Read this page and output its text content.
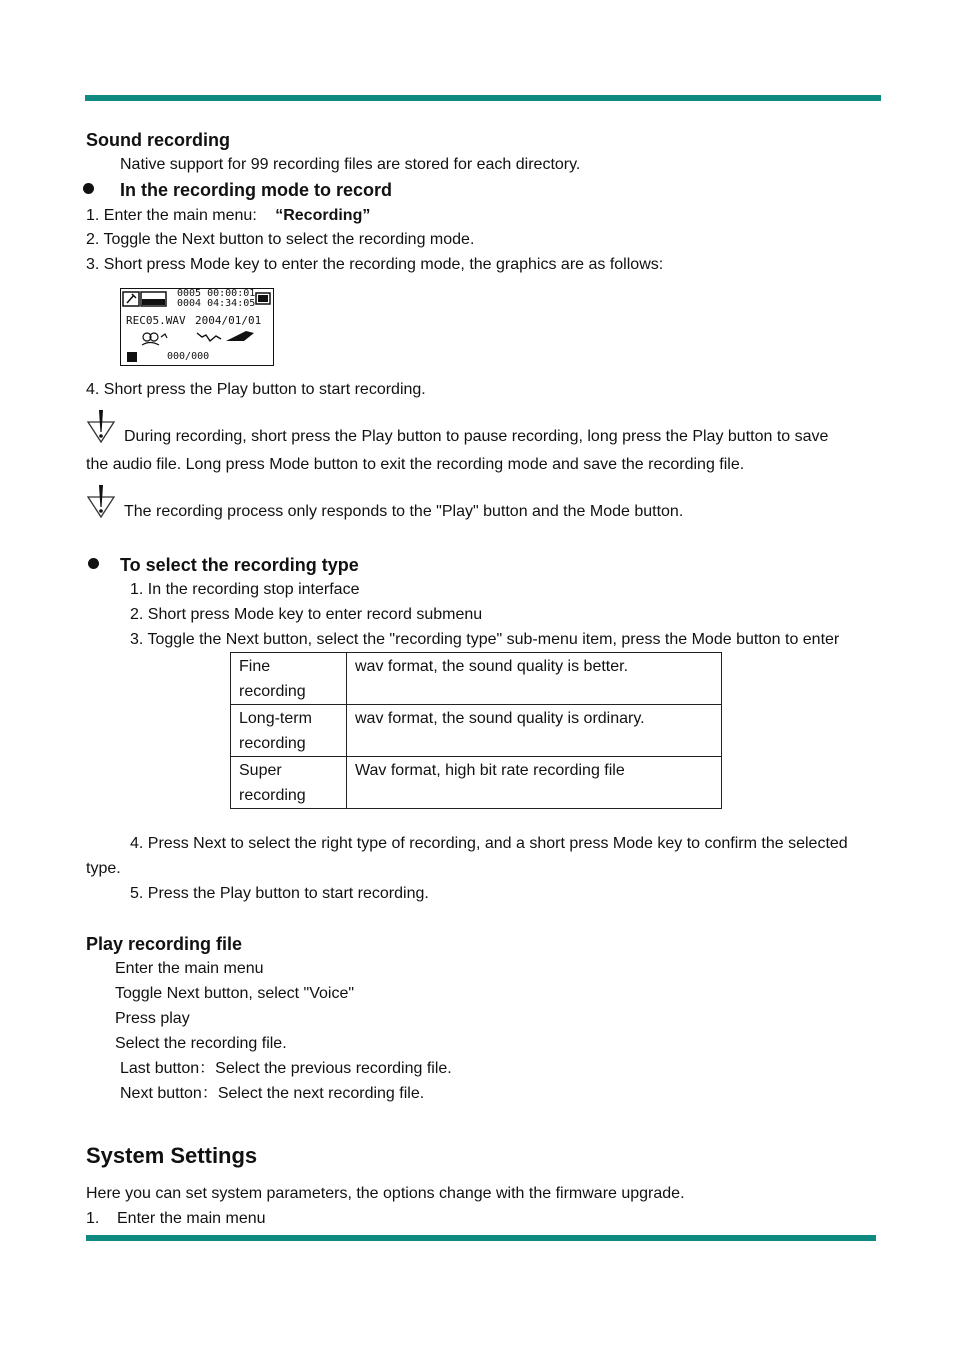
Sound recording
Native support for 99 recording files are stored for each directory.
In the recording mode to record
1. Enter the main menu: “Recording”
2. Toggle the Next button to select the recording mode.
3. Short press Mode key to enter the recording mode, the graphics are as follows:
0005 00:00:01
0004 04:34:05
REC05.WAV 2004/01/01
000/000
4. Short press the Play button to start recording.
During recording, short press the Play button to pause recording, long press the Play button to save
the audio file. Long press Mode button to exit the recording mode and save the recording file.
The recording process only responds to the "Play" button and the Mode button.
To select the recording type
1. In the recording stop interface
2. Short press Mode key to enter record submenu
3. Toggle the Next button, select the "recording type" sub-menu item, press the Mode button to enter
Fine
recording	wav format, the sound quality is better.

Long-term
recording	wav format, the sound quality is ordinary.

Super
recording	Wav format, high bit rate recording file
4. Press Next to select the right type of recording, and a short press Mode key to confirm the selected
type.
5. Press the Play button to start recording.
Play recording file
Enter the main menu
Toggle Next button, select "Voice"
Press play
Select the recording file.
Last button：Select the previous recording file.
Next button：Select the next recording file.
System Settings
Here you can set system parameters, the options change with the firmware upgrade.
1. Enter the main menu
